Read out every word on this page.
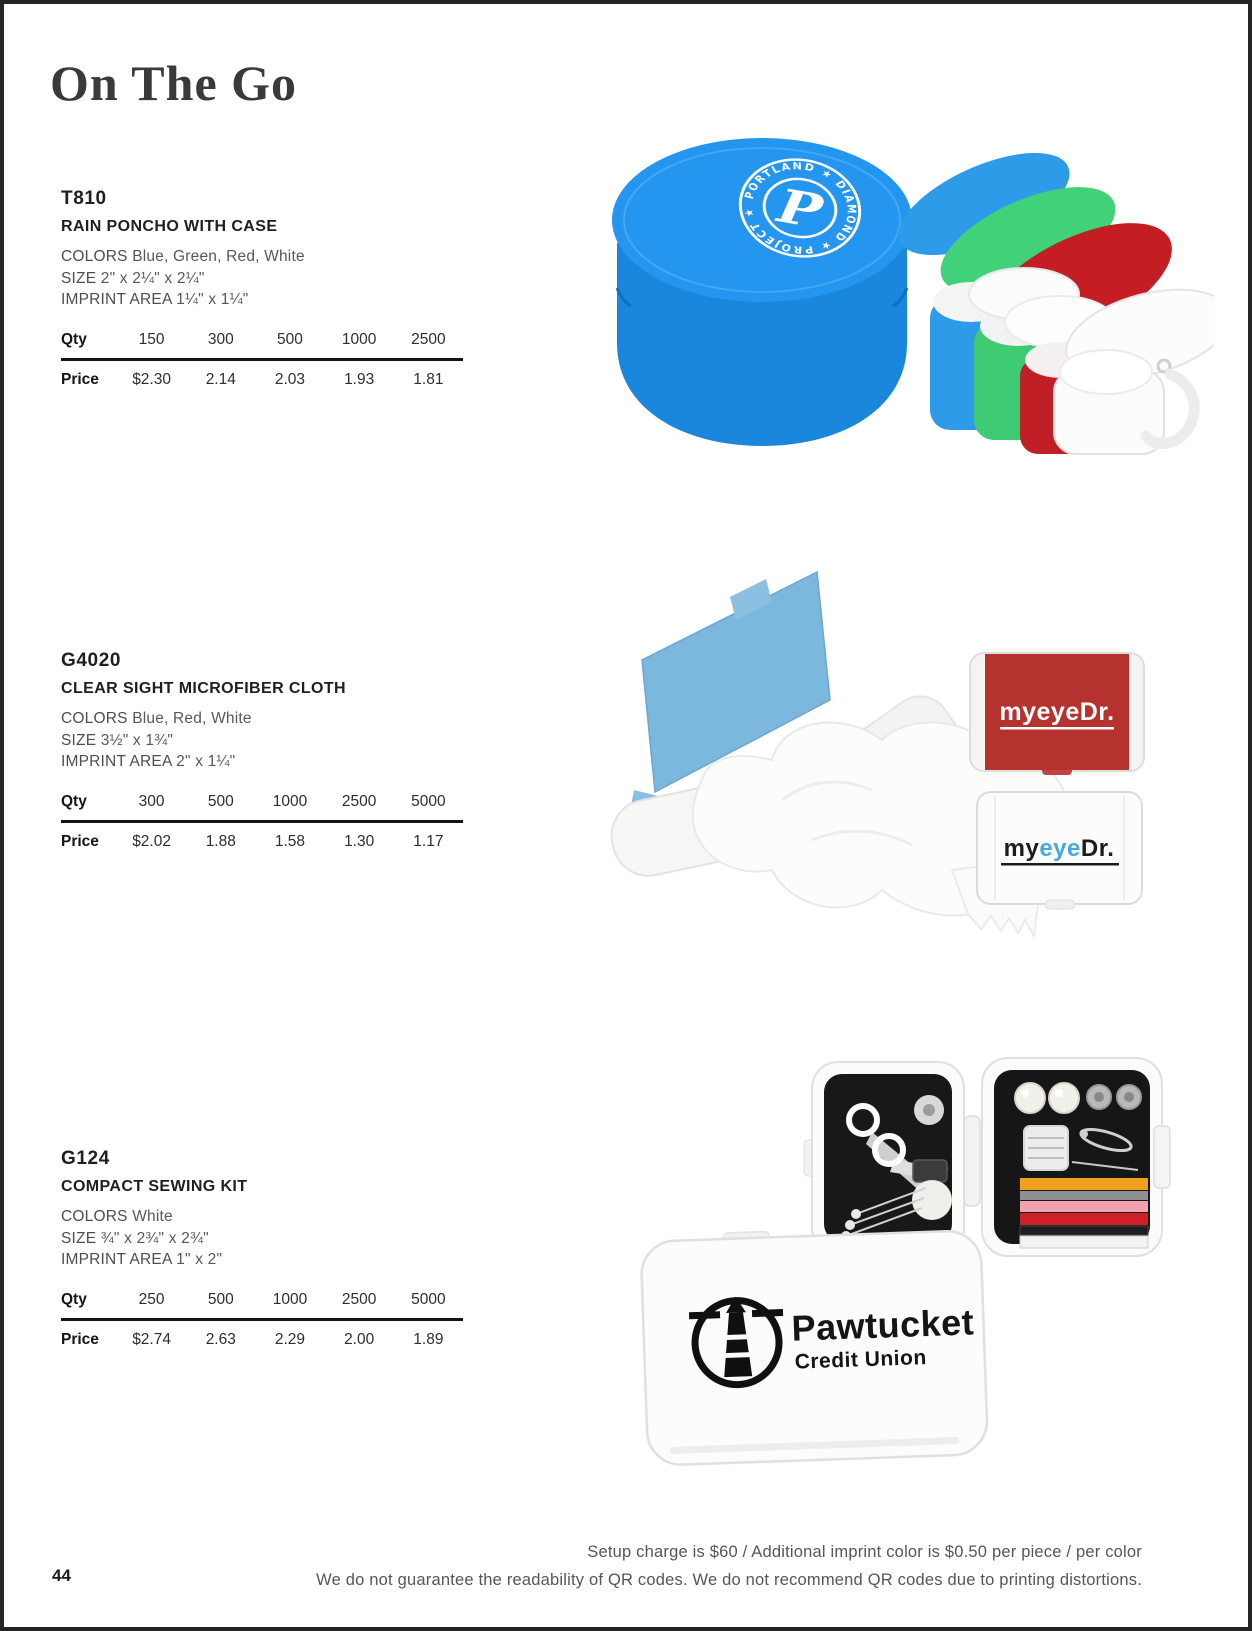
On The Go
T810
RAIN PONCHO WITH CASE
COLORS Blue, Green, Red, White
SIZE 2" x 2¼" x 2¼"
IMPRINT AREA 1¼" x 1¼"
Qty	150	300	500	1000	2500
Price	$2.30	2.14	2.03	1.93	1.81
PORTLAND ★ DIAMOND ★ PROJECT ★ P
G4020
CLEAR SIGHT MICROFIBER CLOTH
COLORS Blue, Red, White
SIZE 3½" x 1¾"
IMPRINT AREA 2" x 1¼"
Qty	300	500	1000	2500	5000
Price	$2.02	1.88	1.58	1.30	1.17
myeyeDr.
myeyeDr.
G124
COMPACT SEWING KIT
COLORS White
SIZE ¾" x 2¾" x 2¾"
IMPRINT AREA 1" x 2"
Qty	250	500	1000	2500	5000
Price	$2.74	2.63	2.29	2.00	1.89	Pawtucket
Credit Union
Setup charge is $60 / Additional imprint color is $0.50 per piece / per color
We do not guarantee the readability of QR codes. We do not recommend QR codes due to printing distortions.
44
